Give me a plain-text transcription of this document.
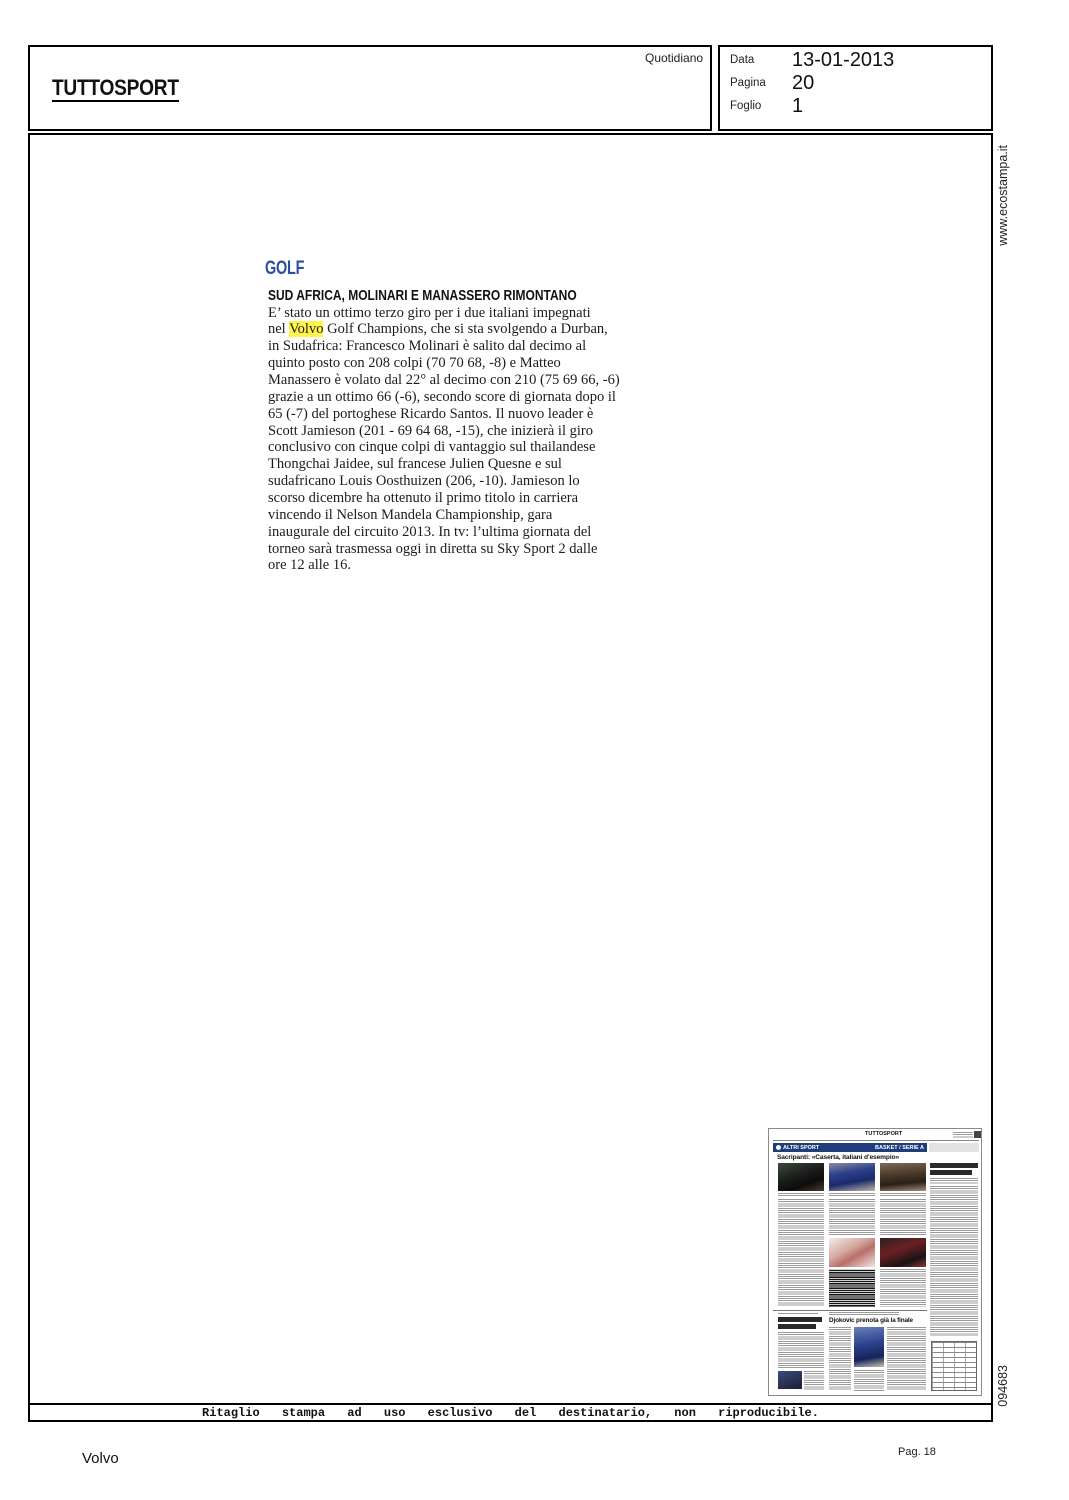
TUTTOSPORT
Quotidiano Data	13-01-2013
Pagina	20
Foglio	1
www.ecostampa.it
094683
GOLF
SUD AFRICA, MOLINARI E MANASSERO RIMONTANO
E’ stato un ottimo terzo giro per i due italiani impegnati
nel Volvo Golf Champions, che si sta svolgendo a Durban,
in Sudafrica: Francesco Molinari è salito dal decimo al
quinto posto con 208 colpi (70 70 68, -8) e Matteo
Manassero è volato dal 22° al decimo con 210 (75 69 66, -6)
grazie a un ottimo 66 (-6), secondo score di giornata dopo il
65 (-7) del portoghese Ricardo Santos. Il nuovo leader è
Scott Jamieson (201 - 69 64 68, -15), che inizierà il giro
conclusivo con cinque colpi di vantaggio sul thailandese
Thongchai Jaidee, sul francese Julien Quesne e sul
sudafricano Louis Oosthuizen (206, -10). Jamieson lo
scorso dicembre ha ottenuto il primo titolo in carriera
vincendo il Nelson Mandela Championship, gara
inaugurale del circuito 2013. In tv: l’ultima giornata del
torneo sarà trasmessa oggi in diretta su Sky Sport 2 dalle
ore 12 alle 16.
TUTTOSPORT
ALTRI SPORT	BASKET / SERIE A
Sacripanti: «Caserta, italiani d'esempio»
Djokovic prenota già la finale
Ritaglio stampa ad uso esclusivo del destinatario, non riproducibile.
Volvo	Pag. 18
